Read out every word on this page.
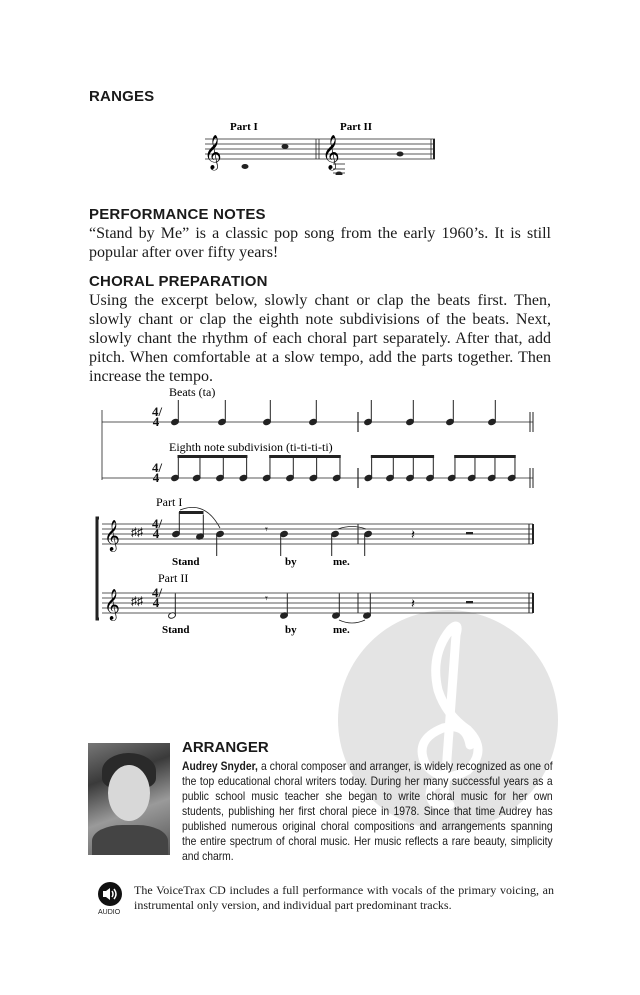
RANGES
Part I	Part II
𝄞	𝄞
PERFORMANCE NOTES
“Stand by Me” is a classic pop song from the early 1960’s. It is still popular after over fifty years!
CHORAL PREPARATION
Using the excerpt below, slowly chant or clap the beats first. Then, slowly chant or clap the eighth note subdivisions of the beats. Next, slowly chant the rhythm of each choral part separately. After that, add pitch. When comfortable at a slow tempo, add the parts together. Then increase the tempo.
Beats (ta)
Eighth note subdivision (ti-ti-ti-ti)
Part I
Part II
Stand	by	me.
Stand	by	me.
𝄞 ♯♯	𝄽
𝄾
𝄞 ♯♯	𝄽
𝄾
ARRANGER
Audrey Snyder, a choral composer and arranger, is widely recognized as one of the top educational choral writers today. During her many successful years as a public school music teacher she began to write choral music for her own students, publishing her first choral piece in 1978. Since that time Audrey has published numerous original choral compositions and arrangements spanning the entire spectrum of choral music. Her music reflects a rare beauty, simplicity and charm.
AUDIO
The VoiceTrax CD includes a full performance with vocals of the primary voicing, an instrumental only version, and individual part predominant tracks.
4/4
4/4
4/4
4/4
